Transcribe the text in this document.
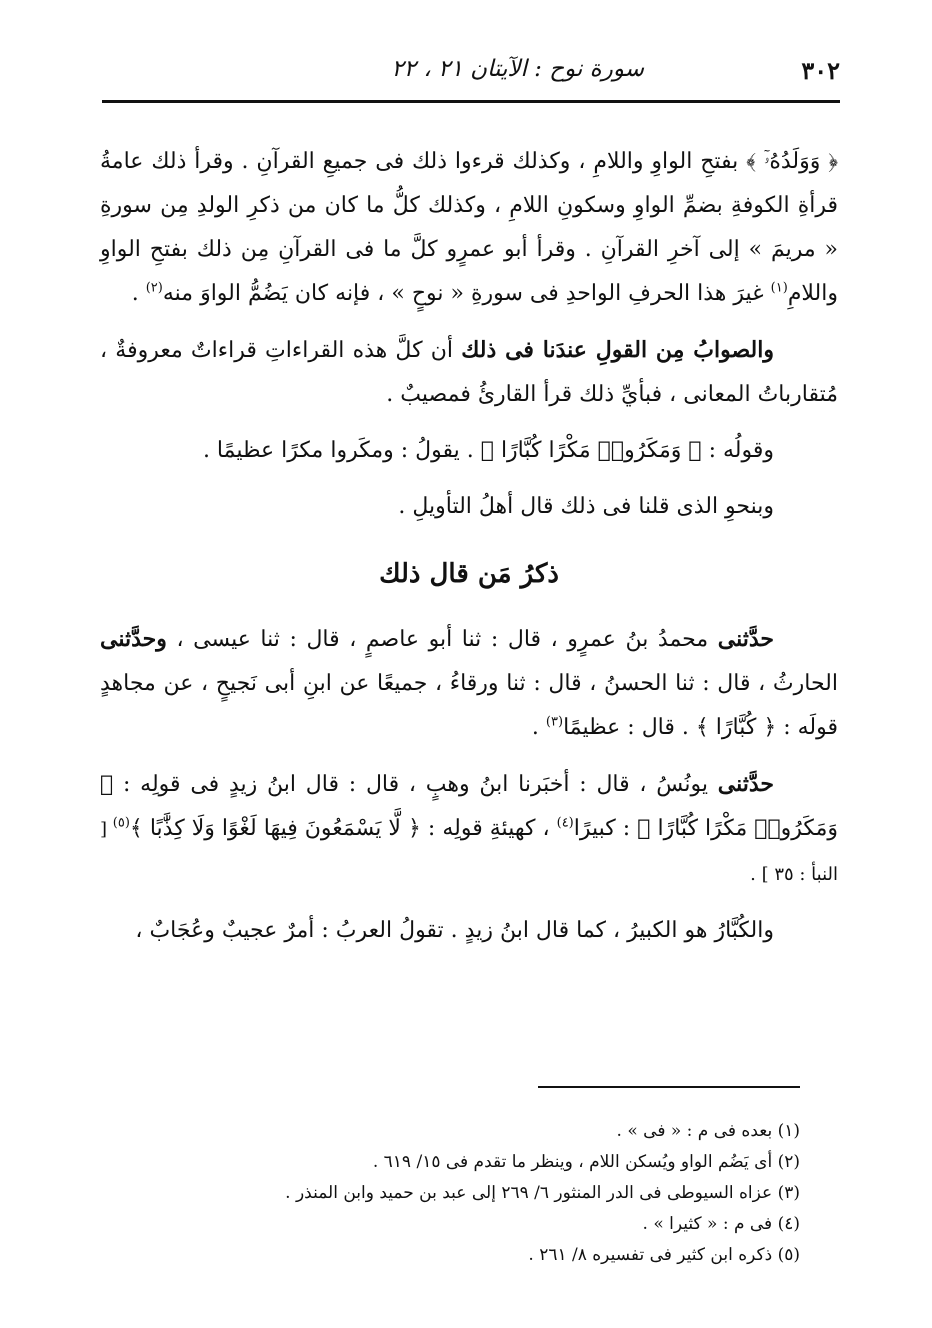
٣٠٢
سورة نوح : الآيتان ٢١ ، ٢٢

﴿ وَوَلَدُهُۥٓ ﴾ بفتحِ الواوِ واللامِ ، وكذلك قرءوا ذلك فى جميعِ القرآنِ . وقرأ ذلك عامةُ قرأةِ الكوفةِ بضمِّ الواوِ وسكونِ اللامِ ، وكذلك كلُّ ما كان من ذكرِ الولدِ مِن سورةِ « مريمَ » إلى آخرِ القرآنِ . وقرأ أبو عمرٍو كلَّ ما فى القرآنِ مِن ذلك بفتحِ الواوِ واللامِ$^{(١)}$ غيرَ هذا الحرفِ الواحدِ فى سورةِ « نوحٍ » ، فإنه كان يَضُمُّ الواوَ منه$^{(٢)}$ .

والصوابُ مِن القولِ عندَنا فى ذلك أن كلَّ هذه القراءاتِ قراءاتٌ معروفةٌ ، مُتقارباتُ المعانى ، فبأيِّ ذلك قرأ القارئُ فمصيبٌ .

وقولُه : ﴿ وَمَكَرُوا۟ مَكْرًا كُبَّارًا ﴾ . يقولُ : ومكَروا مكرًا عظيمًا .

وبنحوِ الذى قلنا فى ذلك قال أهلُ التأويلِ .

ذكرُ مَن قال ذلك

حدَّثنى محمدُ بنُ عمرٍو ، قال : ثنا أبو عاصمٍ ، قال : ثنا عيسى ، وحدَّثنى الحارثُ ، قال : ثنا الحسنُ ، قال : ثنا ورقاءُ ، جميعًا عن ابنِ أبى نَجيحٍ ، عن مجاهدٍ قولَه : ﴿ كُبَّارًا ﴾ . قال : عظيمًا$^{(٣)}$ .

حدَّثنى يونُسُ ، قال : أخبَرنا ابنُ وهبٍ ، قال : قال ابنُ زيدٍ فى قولِه : ﴿ وَمَكَرُوا۟ مَكْرًا كُبَّارًا ﴾ : كبيرًا$^{(٤)}$ ، كهيئةِ قولِه : ﴿ لَّا يَسْمَعُونَ فِيهَا لَغْوًا وَلَا كِذَّٰبًا ﴾$^{(٥)}$ [ النبأ : ٣٥ ] .

والكُبَّارُ هو الكبيرُ ، كما قال ابنُ زيدٍ . تقولُ العربُ : أمرٌ عجيبٌ وعُجَابٌ ،

(١) بعده فى م : « فى » .

(٢) أى يَضُم الواو ويُسكن اللام ، وينظر ما تقدم فى ١٥/ ٦١٩ .

(٣) عزاه السيوطى فى الدر المنثور ٦/ ٢٦٩ إلى عبد بن حميد وابن المنذر .

(٤) فى م : « كثيرا » .

(٥) ذكره ابن كثير فى تفسيره ٨/ ٢٦١ .
